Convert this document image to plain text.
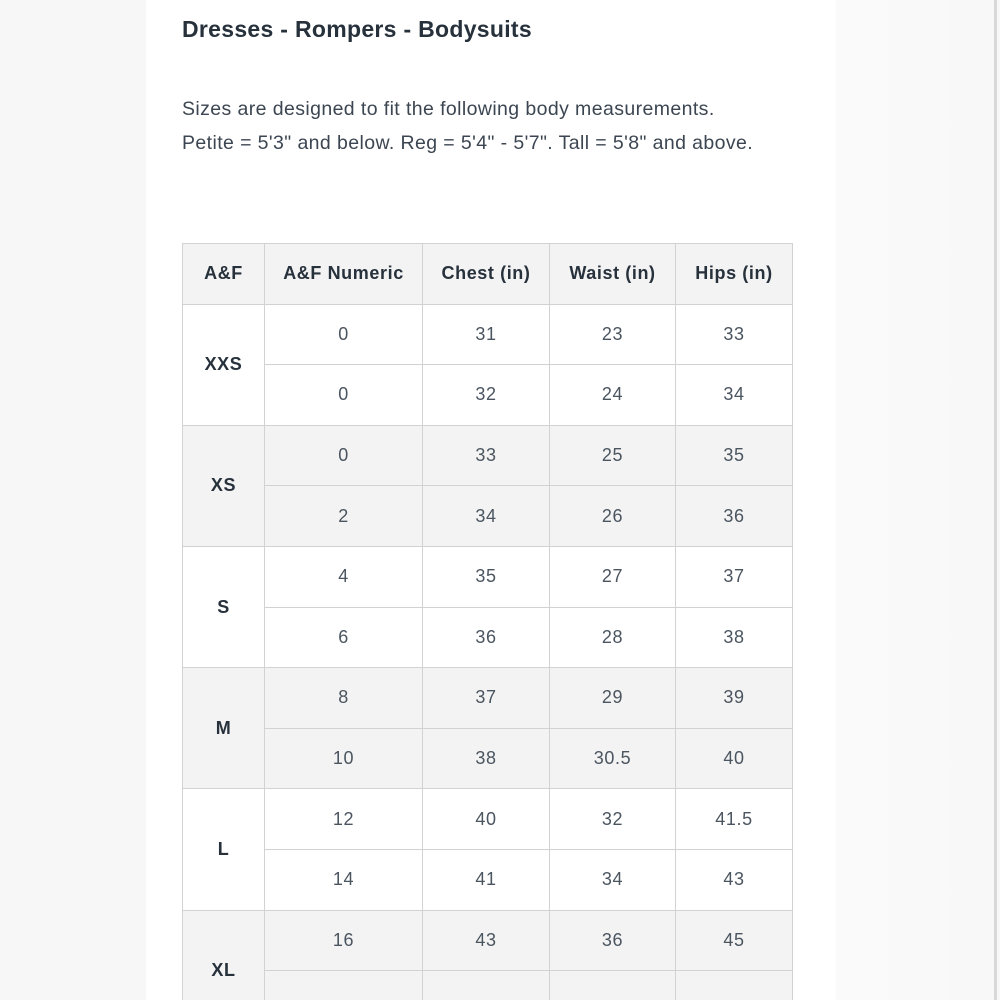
Dresses - Rompers - Bodysuits

Sizes are designed to fit the following body measurements. Petite = 5'3" and below. Reg = 5'4" - 5'7". Tall = 5'8" and above.

A&F	A&F Numeric	Chest (in)	Waist (in)	Hips (in)
XXS	0	31	23	33
	0	32	24	34
XS	0	33	25	35
	2	34	26	36
S	4	35	27	37
	6	36	28	38
M	8	37	29	39
	10	38	30.5	40
L	12	40	32	41.5
	14	41	34	43
XL	16	43	36	45
